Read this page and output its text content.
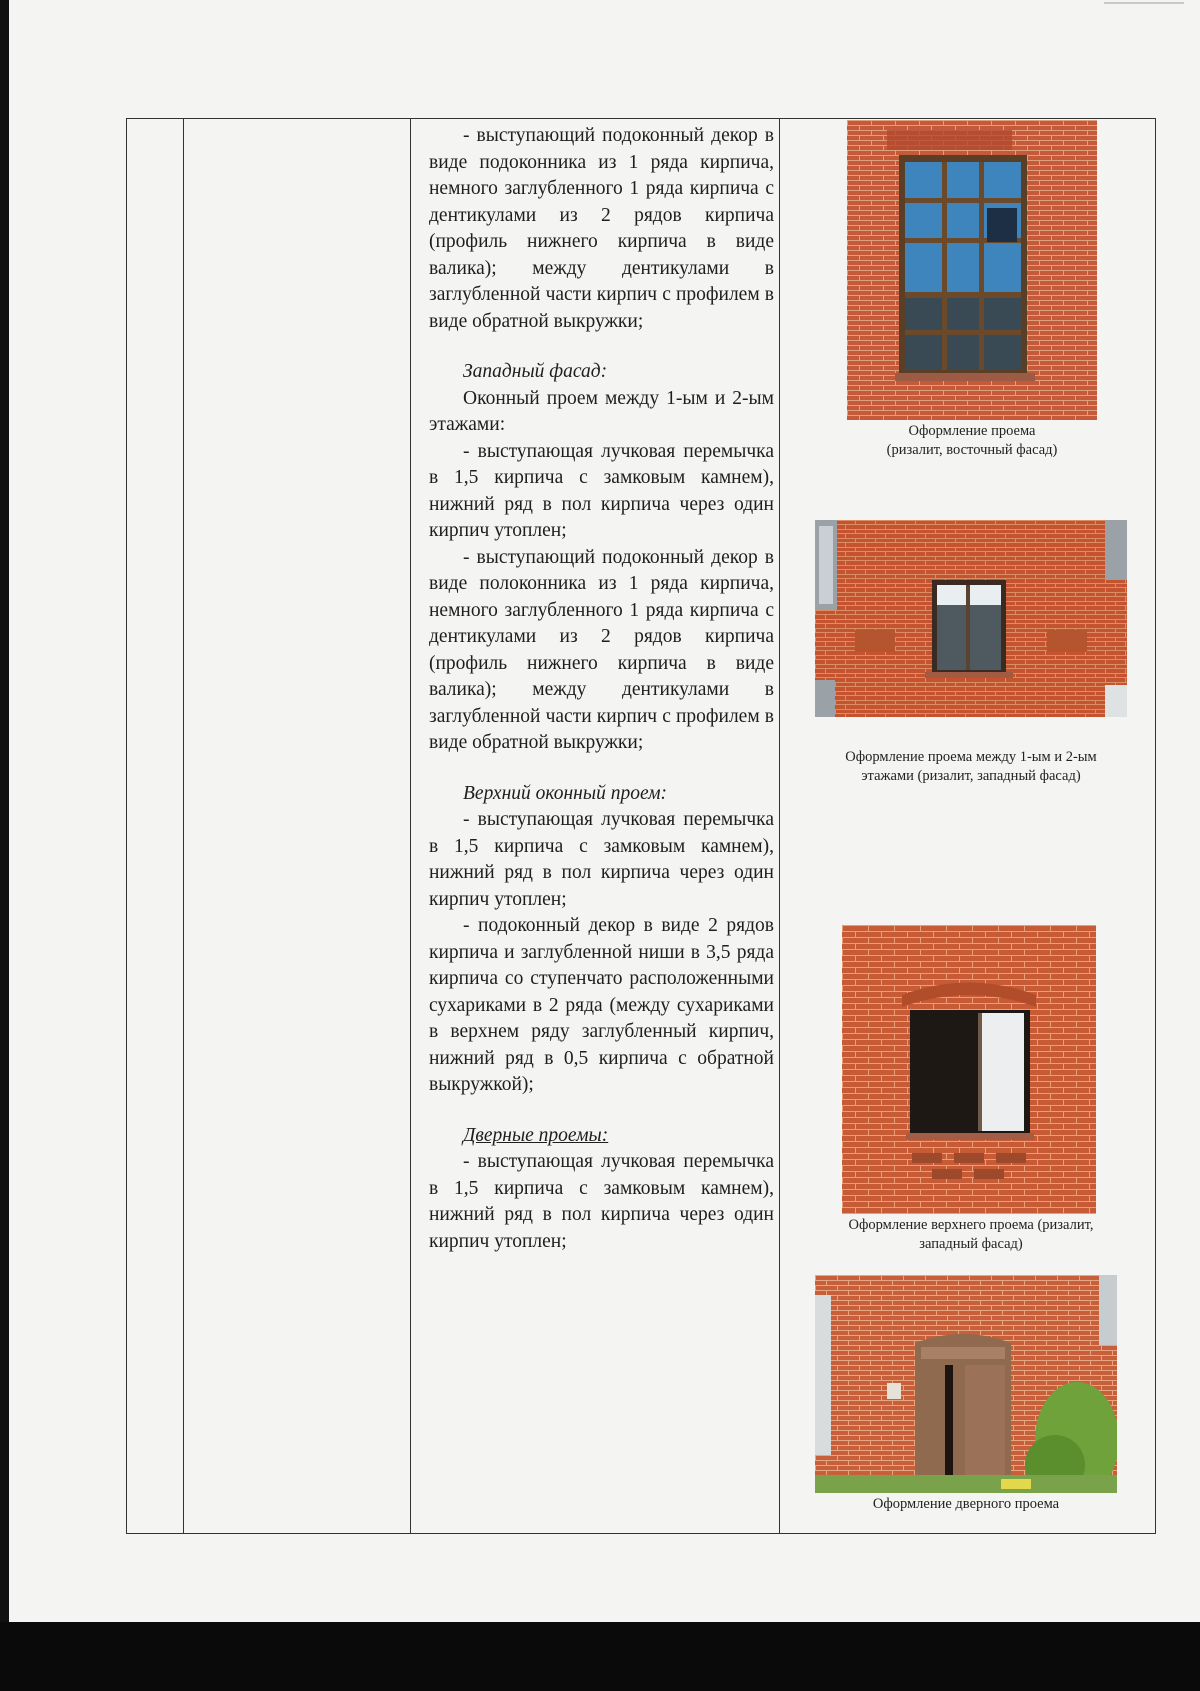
- выступающий подоконный декор в виде подоконника из 1 ряда кирпича, немного заглубленного 1 ряда кирпича с дентикулами из 2 рядов кирпича (профиль нижнего кирпича в виде валика); между дентикулами в заглубленной части кирпич с профилем в виде обратной выкружки;

Западный фасад:

Оконный проем между 1-ым и 2-ым этажами:

- выступающая лучковая перемычка в 1,5 кирпича с замковым камнем), нижний ряд в пол кирпича через один кирпич утоплен;

- выступающий подоконный декор в виде полоконника из 1 ряда кирпича, немного заглубленного 1 ряда кирпича с дентикулами из 2 рядов кирпича (профиль нижнего кирпича в виде валика); между дентикулами в заглубленной части кирпич с профилем в виде обратной выкружки;

Верхний оконный проем:

- выступающая лучковая перемычка в 1,5 кирпича с замковым камнем), нижний ряд в пол кирпича через один кирпич утоплен;

- подоконный декор в виде 2 рядов кирпича и заглубленной ниши в 3,5 ряда кирпича со ступенчато расположенными сухариками в 2 ряда (между сухариками в верхнем ряду заглубленный кирпич, нижний ряд в 0,5 кирпича с обратной выкружкой);

Дверные проемы:

- выступающая лучковая перемычка в 1,5 кирпича с замковым камнем), нижний ряд в пол кирпича через один кирпич утоплен;

Оформление проема
(ризалит, восточный фасад)
Оформление проема между 1-ым и 2-ым
этажами (ризалит, западный фасад)
Оформление верхнего проема (ризалит,
западный фасад)
Оформление дверного проема
